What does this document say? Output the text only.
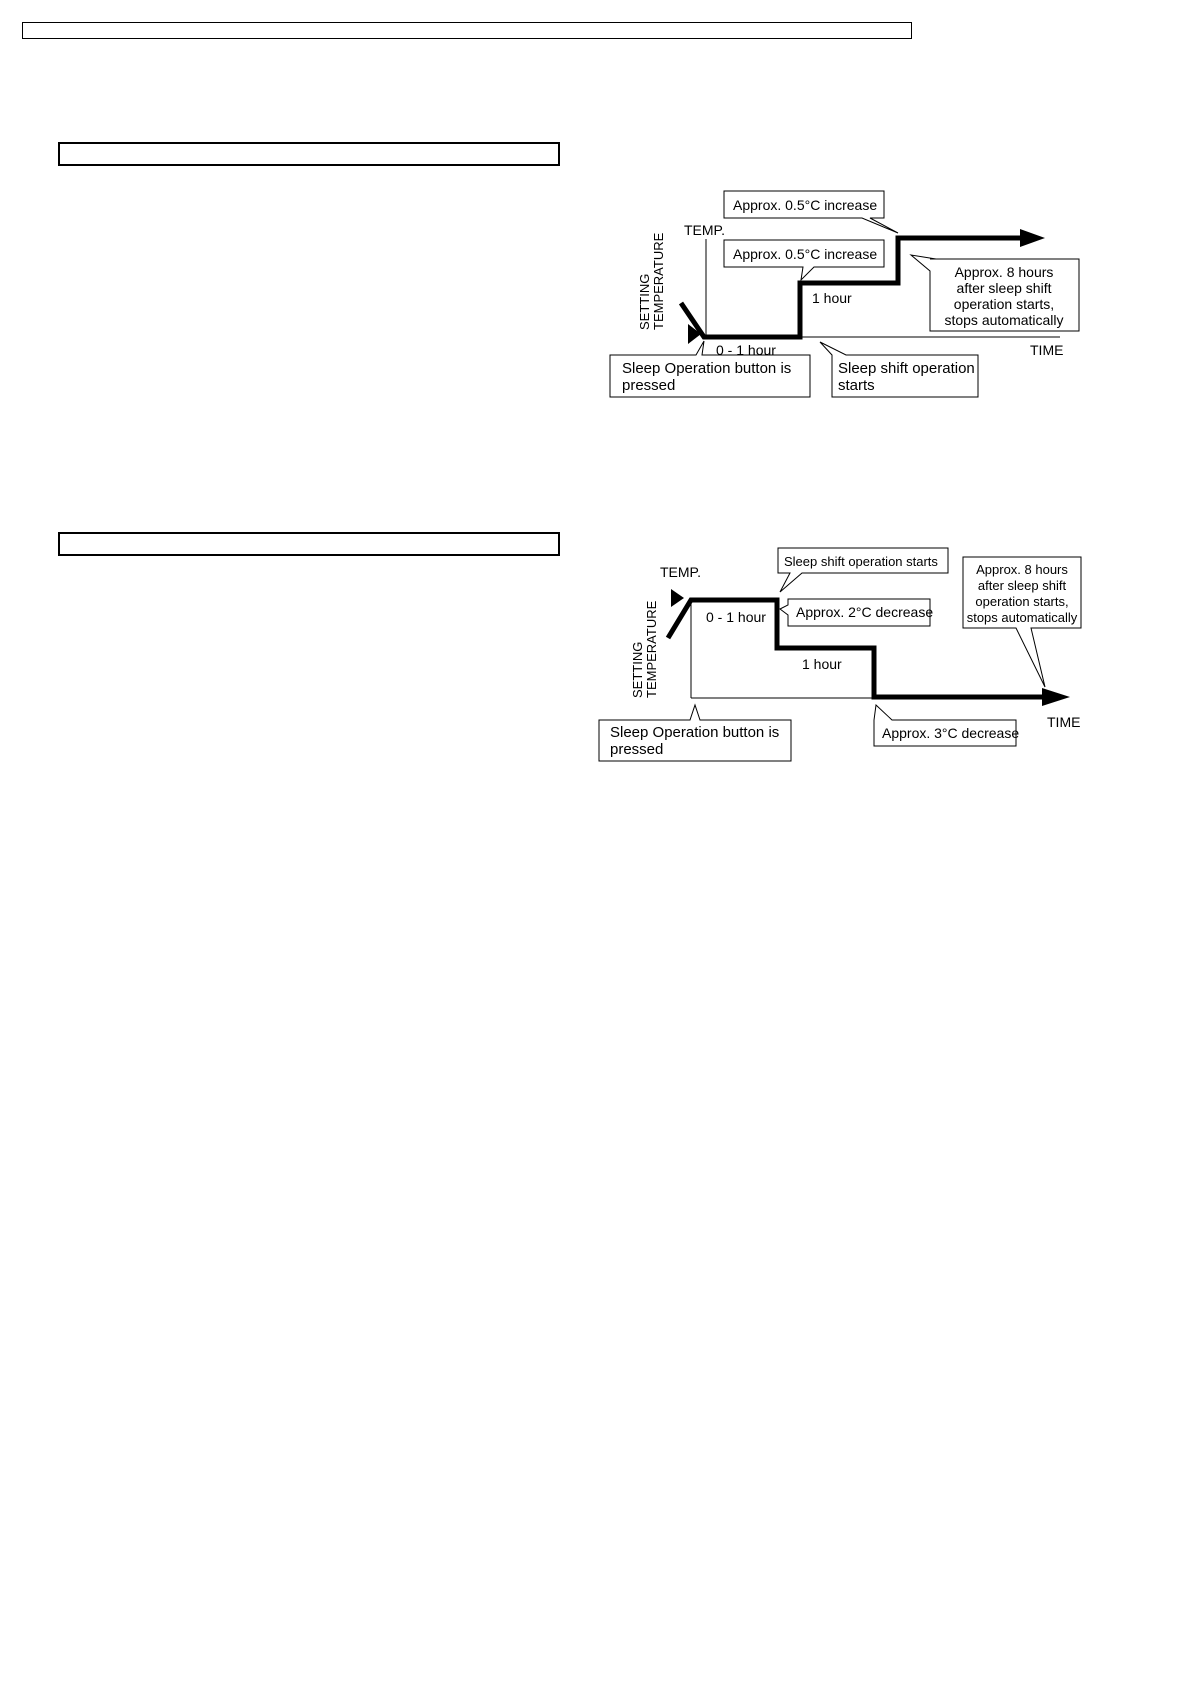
SETTING TEMPERATURE
TEMP.
TIME
0 - 1 hour
1 hour
Approx. 0.5°C increase
Approx. 0.5°C increase
Approx. 8 hours
after sleep shift
operation starts,
stops automatically
Sleep Operation button is
pressed
Sleep shift operation
starts
SETTING TEMPERATURE
TEMP.
TIME
0 - 1 hour
1 hour
Sleep shift operation starts
Approx. 2°C decrease
Approx. 8 hours
after sleep shift
operation starts,
stops automatically
Sleep Operation button is
pressed
Approx. 3°C decrease
